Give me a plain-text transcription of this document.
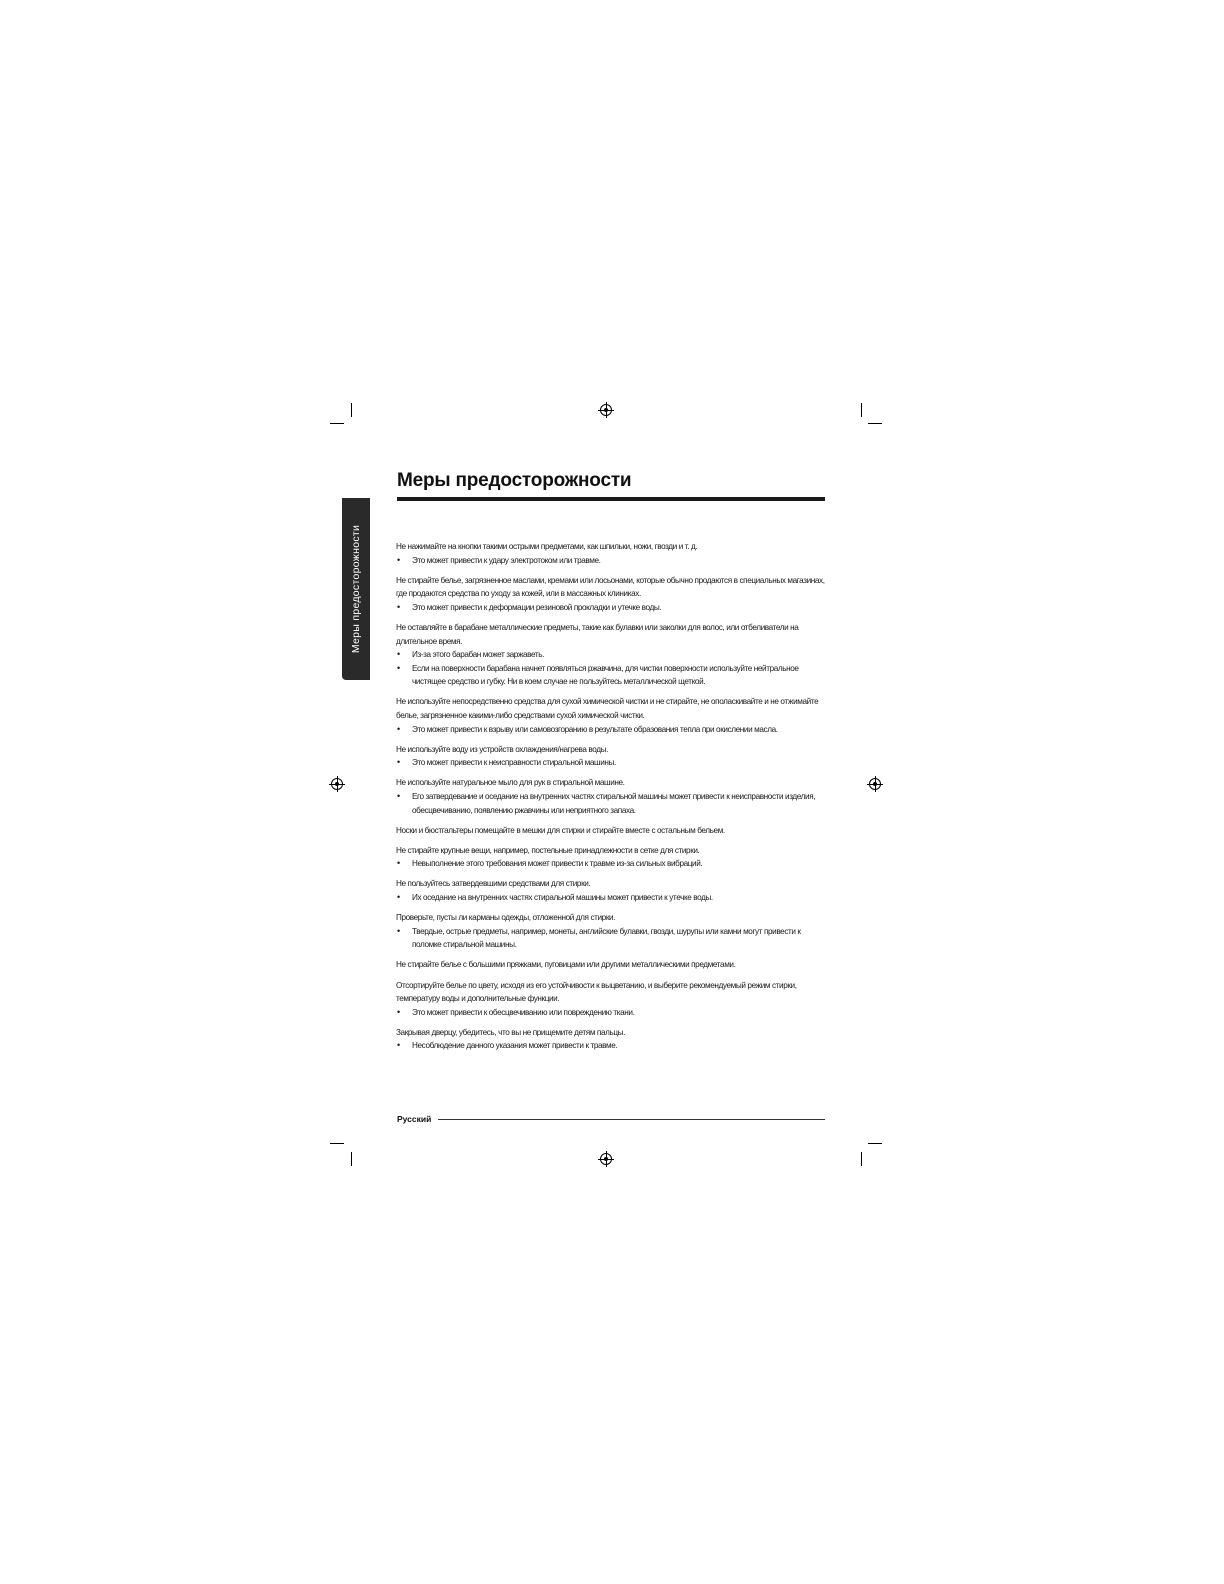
Меры предосторожности
Меры предосторожности

Не нажимайте на кнопки такими острыми предметами, как шпильки, ножи, гвозди и т. д.

• Это может привести к удару электротоком или травме.

Не стирайте белье, загрязненное маслами, кремами или лосьонами, которые обычно продаются в специальных магазинах, где продаются средства по уходу за кожей, или в массажных клиниках.

• Это может привести к деформации резиновой прокладки и утечке воды.

Не оставляйте в барабане металлические предметы, такие как булавки или заколки для волос, или отбеливатели на длительное время.

• Из-за этого барабан может заржаветь.

• Если на поверхности барабана начнет появляться ржавчина, для чистки поверхности используйте нейтральное чистящее средство и губку. Ни в коем случае не пользуйтесь металлической щеткой.

Не используйте непосредственно средства для сухой химической чистки и не стирайте, не ополаскивайте и не отжимайте белье, загрязненное какими-либо средствами сухой химической чистки.

• Это может привести к взрыву или самовозгоранию в результате образования тепла при окислении масла.

Не используйте воду из устройств охлаждения/нагрева воды.

• Это может привести к неисправности стиральной машины.

Не используйте натуральное мыло для рук в стиральной машине.

• Его затвердевание и оседание на внутренних частях стиральной машины может привести к неисправности изделия, обесцвечиванию, появлению ржавчины или неприятного запаха.

Носки и бюстгальтеры помещайте в мешки для стирки и стирайте вместе с остальным бельем.

Не стирайте крупные вещи, например, постельные принадлежности в сетке для стирки.

• Невыполнение этого требования может привести к травме из-за сильных вибраций.

Не пользуйтесь затвердевшими средствами для стирки.

• Их оседание на внутренних частях стиральной машины может привести к утечке воды.

Проверьте, пусты ли карманы одежды, отложенной для стирки.

• Твердые, острые предметы, например, монеты, английские булавки, гвозди, шурупы или камни могут привести к поломке стиральной машины.

Не стирайте белье с большими пряжками, пуговицами или другими металлическими предметами.

Отсортируйте белье по цвету, исходя из его устойчивости к выцветанию, и выберите рекомендуемый режим стирки, температуру воды и дополнительные функции.

• Это может привести к обесцвечиванию или повреждению ткани.

Закрывая дверцу, убедитесь, что вы не прищемите детям пальцы.

• Несоблюдение данного указания может привести к травме.

Русский
